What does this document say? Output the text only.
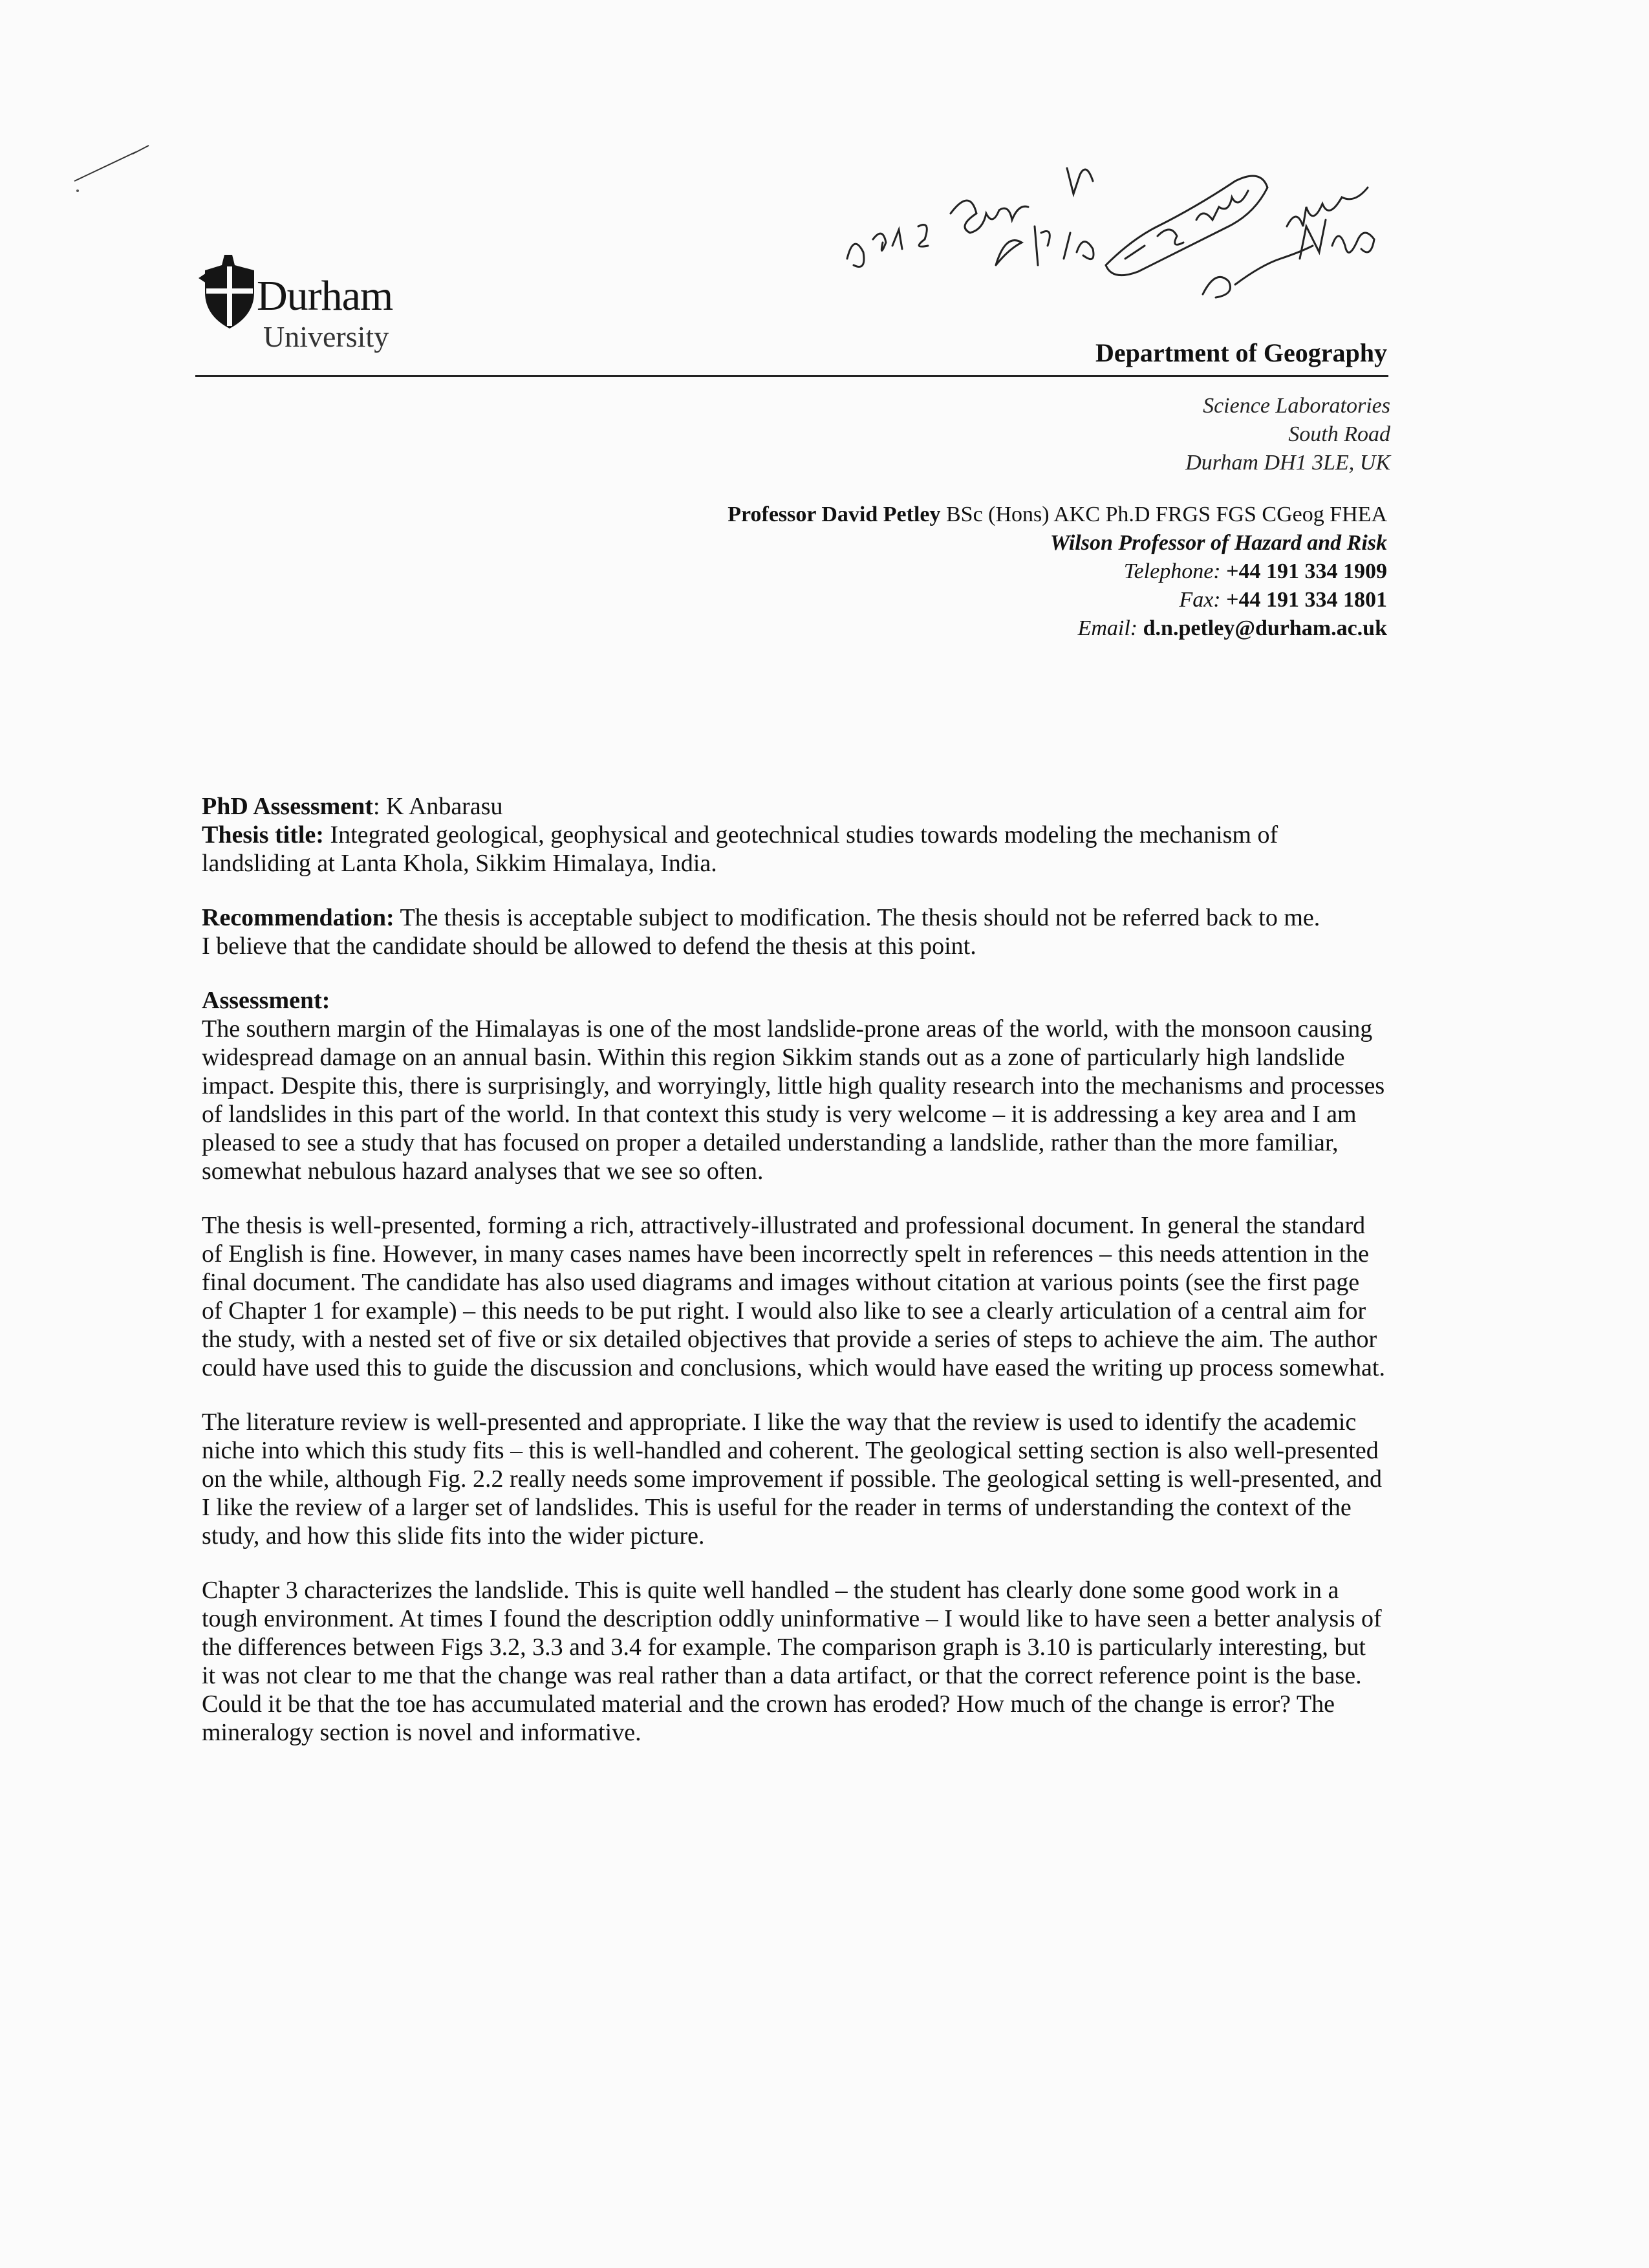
Durham
University	Department of Geography
Science Laboratories
South Road
Durham DH1 3LE, UK
Professor David Petley BSc (Hons) AKC Ph.D FRGS FGS CGeog FHEA
Wilson Professor of Hazard and Risk
Telephone: +44 191 334 1909
Fax: +44 191 334 1801
Email: d.n.petley@durham.ac.uk

PhD Assessment: K Anbarasu
Thesis title: Integrated geological, geophysical and geotechnical studies towards modeling the mechanism of landsliding at Lanta Khola, Sikkim Himalaya, India.

Recommendation: The thesis is acceptable subject to modification. The thesis should not be referred back to me.
I believe that the candidate should be allowed to defend the thesis at this point.

Assessment:
The southern margin of the Himalayas is one of the most landslide-prone areas of the world, with the monsoon causing widespread damage on an annual basin. Within this region Sikkim stands out as a zone of particularly high landslide impact. Despite this, there is surprisingly, and worryingly, little high quality research into the mechanisms and processes of landslides in this part of the world. In that context this study is very welcome – it is addressing a key area and I am pleased to see a study that has focused on proper a detailed understanding a landslide, rather than the more familiar, somewhat nebulous hazard analyses that we see so often.

The thesis is well-presented, forming a rich, attractively-illustrated and professional document. In general the standard of English is fine. However, in many cases names have been incorrectly spelt in references – this needs attention in the final document. The candidate has also used diagrams and images without citation at various points (see the first page of Chapter 1 for example) – this needs to be put right. I would also like to see a clearly articulation of a central aim for the study, with a nested set of five or six detailed objectives that provide a series of steps to achieve the aim. The author could have used this to guide the discussion and conclusions, which would have eased the writing up process somewhat.

The literature review is well-presented and appropriate. I like the way that the review is used to identify the academic niche into which this study fits – this is well-handled and coherent. The geological setting section is also well-presented on the while, although Fig. 2.2 really needs some improvement if possible. The geological setting is well-presented, and I like the review of a larger set of landslides. This is useful for the reader in terms of understanding the context of the study, and how this slide fits into the wider picture.

Chapter 3 characterizes the landslide. This is quite well handled – the student has clearly done some good work in a tough environment. At times I found the description oddly uninformative – I would like to have seen a better analysis of the differences between Figs 3.2, 3.3 and 3.4 for example. The comparison graph is 3.10 is particularly interesting, but it was not clear to me that the change was real rather than a data artifact, or that the correct reference point is the base. Could it be that the toe has accumulated material and the crown has eroded? How much of the change is error? The mineralogy section is novel and informative.
